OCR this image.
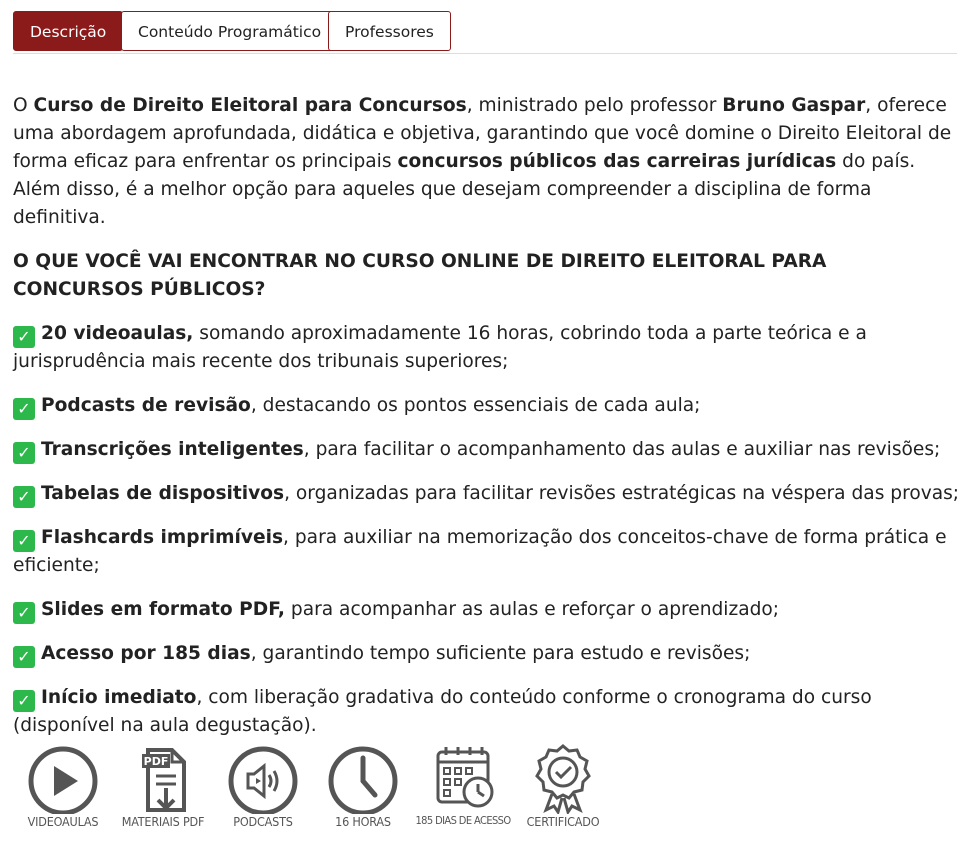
Descrição	Conteúdo Programático	Professores

O Curso de Direito Eleitoral para Concursos, ministrado pelo professor Bruno Gaspar, oferece uma abordagem aprofundada, didática e objetiva, garantindo que você domine o Direito Eleitoral de forma eficaz para enfrentar os principais concursos públicos das carreiras jurídicas do país. Além disso, é a melhor opção para aqueles que desejam compreender a disciplina de forma definitiva.

O QUE VOCÊ VAI ENCONTRAR NO CURSO ONLINE DE DIREITO ELEITORAL PARA CONCURSOS PÚBLICOS?

✓ 20 videoaulas, somando aproximadamente 16 horas, cobrindo toda a parte teórica e a jurisprudência mais recente dos tribunais superiores;
✓ Podcasts de revisão, destacando os pontos essenciais de cada aula;
✓ Transcrições inteligentes, para facilitar o acompanhamento das aulas e auxiliar nas revisões;
✓ Tabelas de dispositivos, organizadas para facilitar revisões estratégicas na véspera das provas;
✓ Flashcards imprimíveis, para auxiliar na memorização dos conceitos-chave de forma prática e eficiente;
✓ Slides em formato PDF, para acompanhar as aulas e reforçar o aprendizado;
✓ Acesso por 185 dias, garantindo tempo suficiente para estudo e revisões;
✓ Início imediato, com liberação gradativa do conteúdo conforme o cronograma do curso (disponível na aula degustação).
VIDEOAULAS
PDF
MATERIAIS PDF	PODCASTS	16 HORAS	185 DIAS DE ACESSO	CERTIFICADO
